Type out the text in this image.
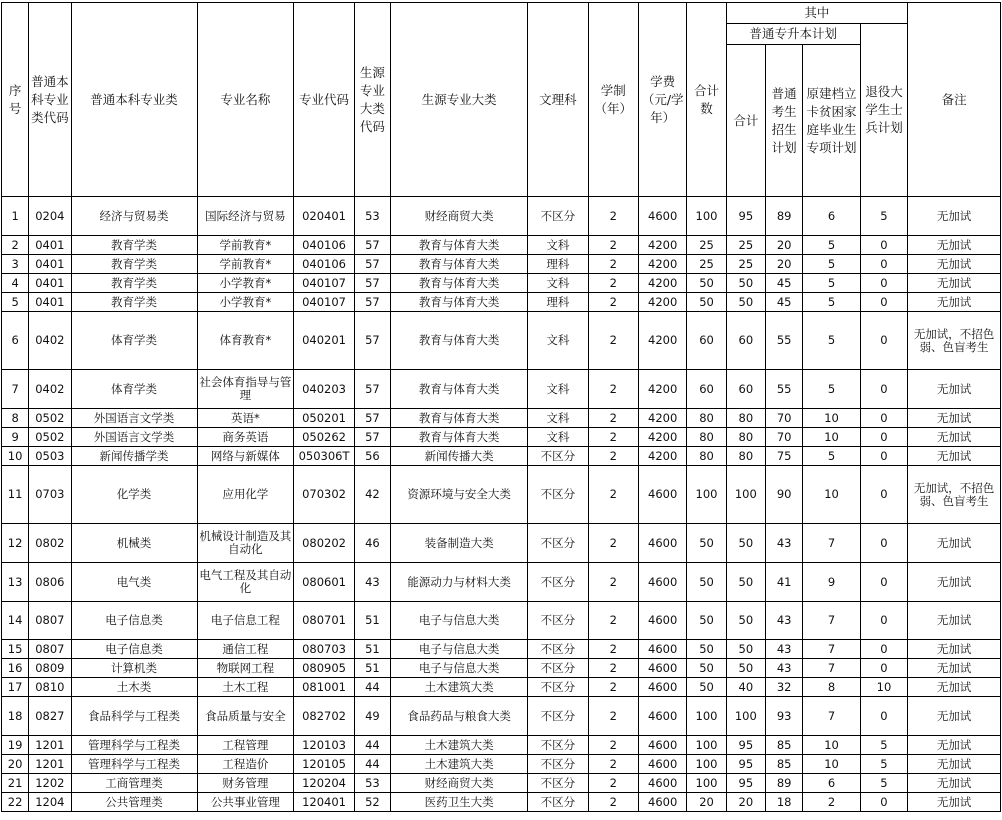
序号	普通本科专业类代码	普通本科专业类	专业名称	专业代码	生源专业大类代码	生源专业大类	文理科	学制（年）	学费（元/学年）	合计数	其中				备注
											普通专升本计划			退役大学生士兵计划	
											合计	普通考生招生计划	原建档立卡贫困家庭毕业生专项计划		
1	0204	经济与贸易类	国际经济与贸易	020401	53	财经商贸大类	不区分	2	4600	100	95	89	6	5	无加试
2	0401	教育学类	学前教育*	040106	57	教育与体育大类	文科	2	4200	25	25	20	5	0	无加试
3	0401	教育学类	学前教育*	040106	57	教育与体育大类	理科	2	4200	25	25	20	5	0	无加试
4	0401	教育学类	小学教育*	040107	57	教育与体育大类	文科	2	4200	50	50	45	5	0	无加试
5	0401	教育学类	小学教育*	040107	57	教育与体育大类	理科	2	4200	50	50	45	5	0	无加试
6	0402	体育学类	体育教育*	040201	57	教育与体育大类	文科	2	4200	60	60	55	5	0	无加试，不招色弱、色盲考生
7	0402	体育学类	社会体育指导与管理	040203	57	教育与体育大类	文科	2	4200	60	60	55	5	0	无加试
8	0502	外国语言文学类	英语*	050201	57	教育与体育大类	文科	2	4200	80	80	70	10	0	无加试
9	0502	外国语言文学类	商务英语	050262	57	教育与体育大类	文科	2	4200	80	80	70	10	0	无加试
10	0503	新闻传播学类	网络与新媒体	050306T	56	新闻传播大类	不区分	2	4200	80	80	75	5	0	无加试
11	0703	化学类	应用化学	070302	42	资源环境与安全大类	不区分	2	4600	100	100	90	10	0	无加试，不招色弱、色盲考生
12	0802	机械类	机械设计制造及其自动化	080202	46	装备制造大类	不区分	2	4600	50	50	43	7	0	无加试
13	0806	电气类	电气工程及其自动化	080601	43	能源动力与材料大类	不区分	2	4600	50	50	41	9	0	无加试
14	0807	电子信息类	电子信息工程	080701	51	电子与信息大类	不区分	2	4600	50	50	43	7	0	无加试
15	0807	电子信息类	通信工程	080703	51	电子与信息大类	不区分	2	4600	50	50	43	7	0	无加试
16	0809	计算机类	物联网工程	080905	51	电子与信息大类	不区分	2	4600	50	50	43	7	0	无加试
17	0810	土木类	土木工程	081001	44	土木建筑大类	不区分	2	4600	50	40	32	8	10	无加试
18	0827	食品科学与工程类	食品质量与安全	082702	49	食品药品与粮食大类	不区分	2	4600	100	100	93	7	0	无加试
19	1201	管理科学与工程类	工程管理	120103	44	土木建筑大类	不区分	2	4600	100	95	85	10	5	无加试
20	1201	管理科学与工程类	工程造价	120105	44	土木建筑大类	不区分	2	4600	100	95	85	10	5	无加试
21	1202	工商管理类	财务管理	120204	53	财经商贸大类	不区分	2	4600	100	95	89	6	5	无加试
22	1204	公共管理类	公共事业管理	120401	52	医药卫生大类	不区分	2	4600	20	20	18	2	0	无加试
